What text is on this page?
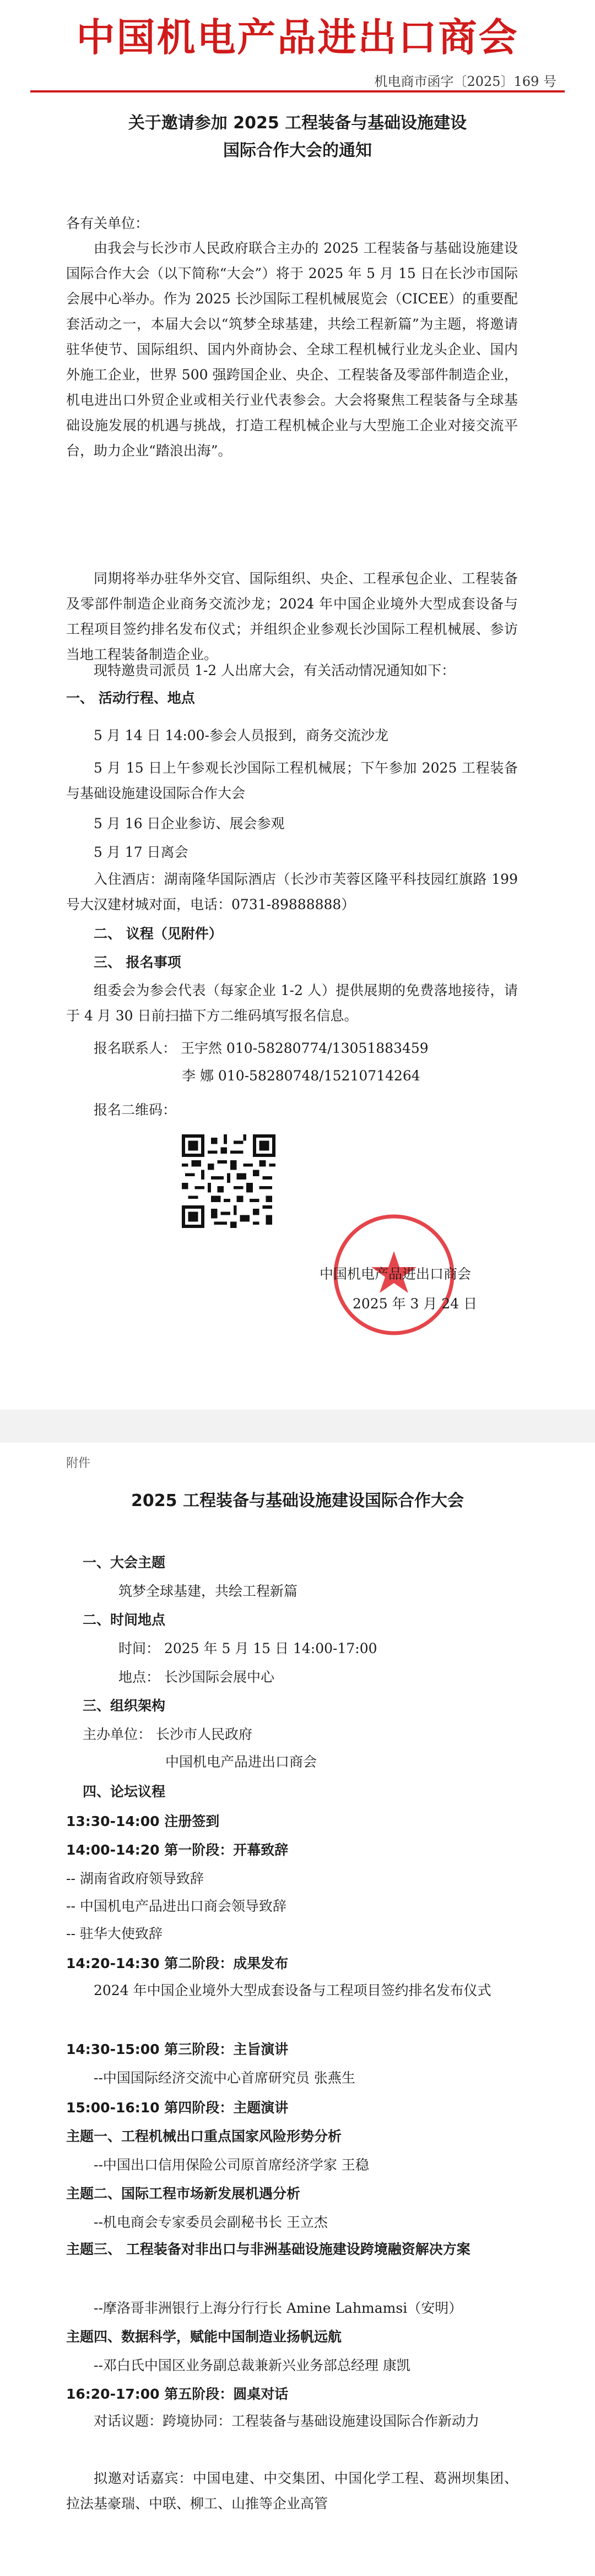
中国机电产品进出口商会
机电商市函字〔2025〕169 号
关于邀请参加 2025 工程装备与基础设施建设
国际合作大会的通知
各有关单位：
由我会与长沙市人民政府联合主办的 2025 工程装备与基础设施建设国际合作大会（以下简称“大会”）将于 2025 年 5 月 15 日在长沙市国际会展中心举办。作为 2025 长沙国际工程机械展览会（CICEE）的重要配套活动之一，本届大会以“筑梦全球基建，共绘工程新篇”为主题，将邀请驻华使节、国际组织、国内外商协会、全球工程机械行业龙头企业、国内外施工企业，世界 500 强跨国企业、央企、工程装备及零部件制造企业，机电进出口外贸企业或相关行业代表参会。大会将聚焦工程装备与全球基础设施发展的机遇与挑战，打造工程机械企业与大型施工企业对接交流平台，助力企业“踏浪出海”。
同期将举办驻华外交官、国际组织、央企、工程承包企业、工程装备及零部件制造企业商务交流沙龙；2024 年中国企业境外大型成套设备与工程项目签约排名发布仪式；并组织企业参观长沙国际工程机械展、参访当地工程装备制造企业。
现特邀贵司派员 1-2 人出席大会，有关活动情况通知如下：
一、 活动行程、地点
5 月 14 日 14:00-参会人员报到，商务交流沙龙
5 月 15 日上午参观长沙国际工程机械展；下午参加 2025 工程装备与基础设施建设国际合作大会
5 月 16 日企业参访、展会参观
5 月 17 日离会
入住酒店：湖南隆华国际酒店（长沙市芙蓉区隆平科技园红旗路 199 号大汉建材城对面，电话：0731-89888888）
二、 议程（见附件）
三、 报名事项
组委会为参会代表（每家企业 1-2 人）提供展期的免费落地接待，请于 4 月 30 日前扫描下方二维码填写报名信息。
报名联系人： 王宇然 010-58280774/13051883459
李 娜 010-58280748/15210714264
报名二维码：
中国机电产品进出口商会
2025 年 3 月 24 日
附件
2025 工程装备与基础设施建设国际合作大会
一、大会主题
筑梦全球基建，共绘工程新篇
二、时间地点
时间： 2025 年 5 月 15 日 14:00-17:00
地点： 长沙国际会展中心
三、组织架构
主办单位： 长沙市人民政府
中国机电产品进出口商会
四、论坛议程
13:30-14:00 注册签到
14:00-14:20 第一阶段：开幕致辞
-- 湖南省政府领导致辞
-- 中国机电产品进出口商会领导致辞
-- 驻华大使致辞
14:20-14:30 第二阶段：成果发布
2024 年中国企业境外大型成套设备与工程项目签约排名发布仪式
14:30-15:00 第三阶段：主旨演讲
--中国国际经济交流中心首席研究员 张燕生
15:00-16:10 第四阶段：主题演讲
主题一、工程机械出口重点国家风险形势分析
--中国出口信用保险公司原首席经济学家 王稳
主题二、国际工程市场新发展机遇分析
--机电商会专家委员会副秘书长 王立杰
主题三、 工程装备对非出口与非洲基础设施建设跨境融资解决方案
--摩洛哥非洲银行上海分行行长 Amine Lahmamsi（安明）
主题四、数据科学，赋能中国制造业扬帆远航
--邓白氏中国区业务副总裁兼新兴业务部总经理 康凯
16:20-17:00 第五阶段：圆桌对话
对话议题：跨境协同：工程装备与基础设施建设国际合作新动力
拟邀对话嘉宾：中国电建、中交集团、中国化学工程、葛洲坝集团、拉法基豪瑞、中联、柳工、山推等企业高管
